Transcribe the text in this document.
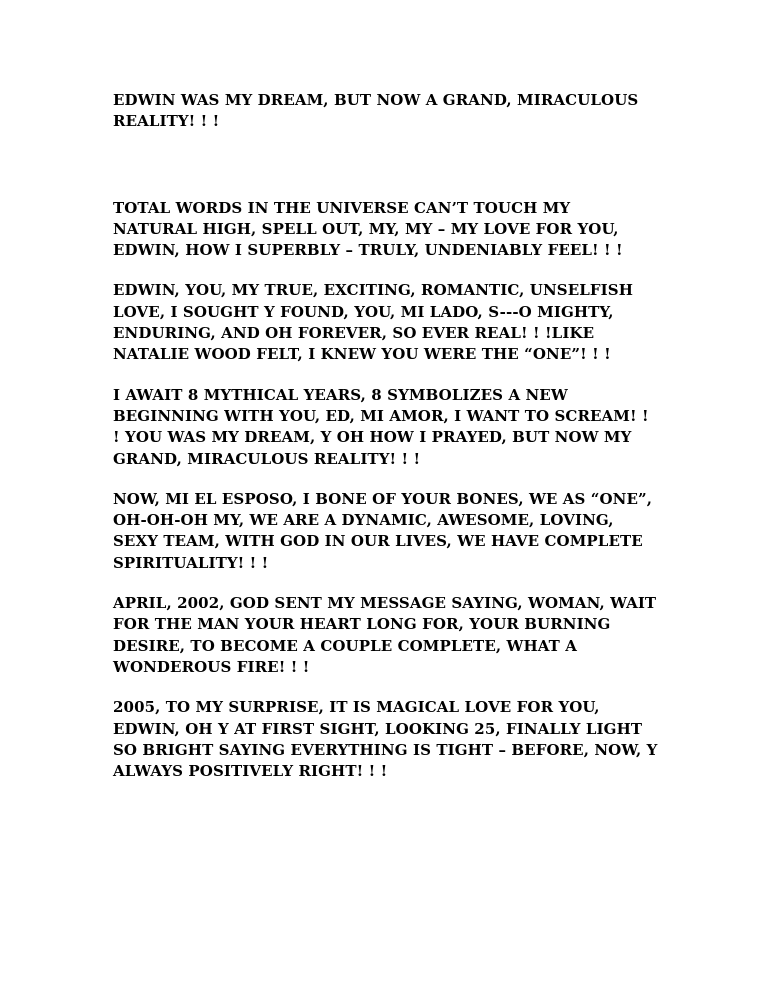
EDWIN WAS MY DREAM, BUT NOW A GRAND, MIRACULOUS REALITY! ! !

TOTAL WORDS IN THE UNIVERSE CAN’T TOUCH MY NATURAL HIGH, SPELL OUT, MY, MY – MY LOVE FOR YOU, EDWIN, HOW I SUPERBLY – TRULY, UNDENIABLY FEEL! ! !

EDWIN, YOU, MY TRUE, EXCITING, ROMANTIC, UNSELFISH LOVE, I SOUGHT Y FOUND, YOU, MI LADO, S---O MIGHTY, ENDURING, AND OH FOREVER, SO EVER REAL! ! !LIKE NATALIE WOOD FELT, I KNEW YOU WERE THE “ONE”! ! !

I AWAIT 8 MYTHICAL YEARS, 8 SYMBOLIZES A NEW BEGINNING WITH YOU, ED, MI AMOR, I WANT TO SCREAM! ! ! YOU WAS MY DREAM, Y OH HOW I PRAYED, BUT NOW MY GRAND, MIRACULOUS REALITY! ! !

NOW, MI EL ESPOSO, I BONE OF YOUR BONES, WE AS “ONE”, OH-OH-OH MY, WE ARE A DYNAMIC, AWESOME, LOVING, SEXY TEAM, WITH GOD IN OUR LIVES, WE HAVE COMPLETE SPIRITUALITY! ! !

APRIL, 2002, GOD SENT MY MESSAGE SAYING, WOMAN, WAIT FOR THE MAN YOUR HEART LONG FOR, YOUR BURNING DESIRE, TO BECOME A COUPLE COMPLETE, WHAT A WONDEROUS FIRE! ! !

2005, TO MY SURPRISE, IT IS MAGICAL LOVE FOR YOU, EDWIN, OH Y AT FIRST SIGHT, LOOKING 25, FINALLY LIGHT SO BRIGHT SAYING EVERYTHING IS TIGHT – BEFORE, NOW, Y ALWAYS POSITIVELY RIGHT! ! !
